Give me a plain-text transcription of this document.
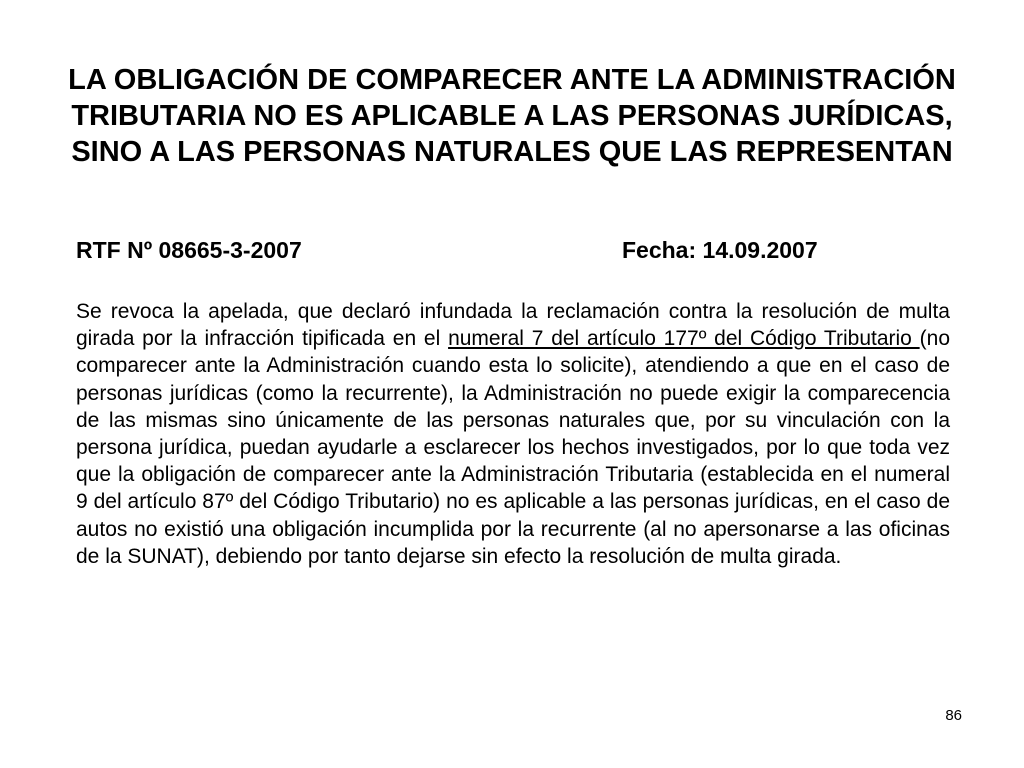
LA OBLIGACIÓN DE COMPARECER ANTE LA ADMINISTRACIÓN TRIBUTARIA NO ES APLICABLE A LAS PERSONAS JURÍDICAS, SINO A LAS PERSONAS NATURALES QUE LAS REPRESENTAN
RTF Nº 08665-3-2007	Fecha: 14.09.2007
Se revoca la apelada, que declaró infundada la reclamación contra la resolución de multa girada por la infracción tipificada en el numeral 7 del artículo 177º del Código Tributario (no comparecer ante la Administración cuando esta lo solicite), atendiendo a que en el caso de personas jurídicas (como la recurrente), la Administración no puede exigir la comparecencia de las mismas sino únicamente de las personas naturales que, por su vinculación con la persona jurídica, puedan ayudarle a esclarecer los hechos investigados, por lo que toda vez que la obligación de comparecer ante la Administración Tributaria (establecida en el numeral 9 del artículo 87º del Código Tributario) no es aplicable a las personas jurídicas, en el caso de autos no existió una obligación incumplida por la recurrente (al no apersonarse a las oficinas de la SUNAT), debiendo por tanto dejarse sin efecto la resolución de multa girada.
86
